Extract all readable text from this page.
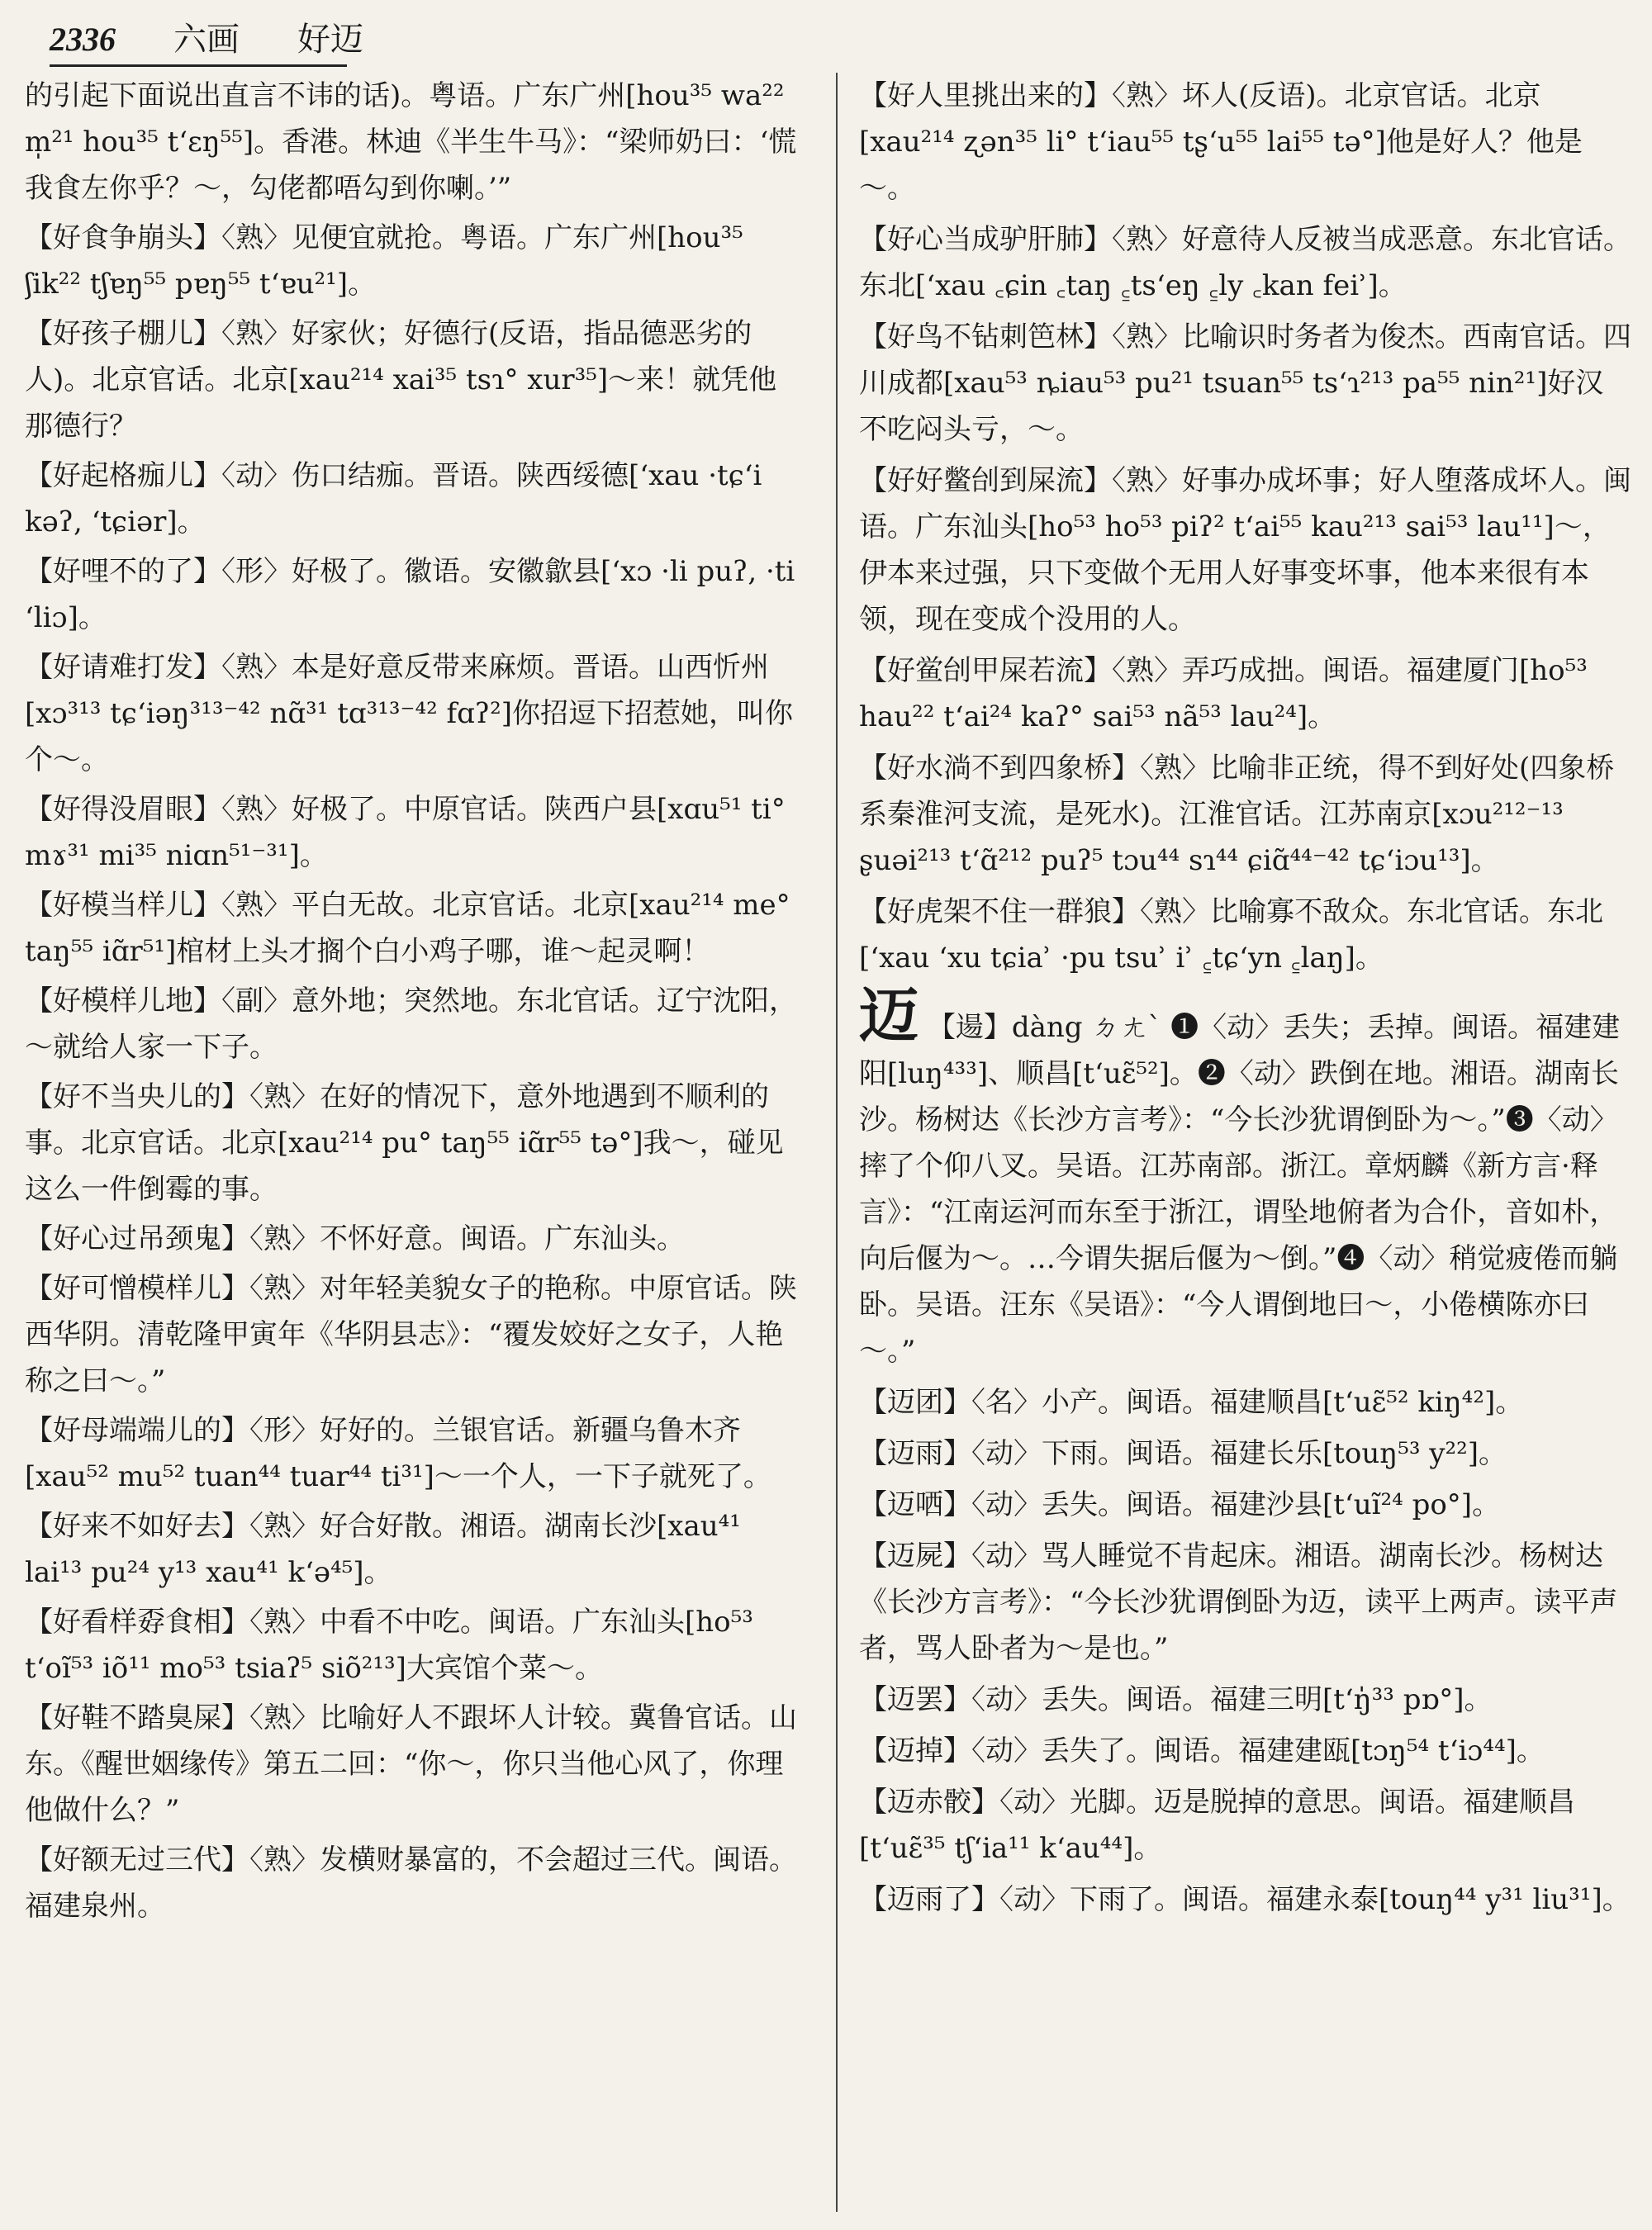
2336 六画 好迈

的引起下面说出直言不讳的话)。粤语。广东广州[hou³⁵ wa²² m̩²¹ hou³⁵ tʻɛŋ⁵⁵]。香港。林迪《半生牛马》：“梁师奶曰：‘慌我食左你乎？～，勾佬都唔勾到你喇。’”

【好食争崩头】〈熟〉见便宜就抢。粤语。广东广州[hou³⁵ ʃik²² tʃɐŋ⁵⁵ pɐŋ⁵⁵ tʻɐu²¹]。

【好孩子棚儿】〈熟〉好家伙；好德行(反语，指品德恶劣的人)。北京官话。北京[xau²¹⁴ xai³⁵ tsɿ° xur³⁵]～来！就凭他那德行？

【好起格痂儿】〈动〉伤口结痂。晋语。陕西绥德[ʻxau ·tɕʻi kəʔ, ʻtɕiər]。

【好哩不的了】〈形〉好极了。徽语。安徽歙县[ʻxɔ ·li puʔ, ·ti ʻliɔ]。

【好请难打发】〈熟〉本是好意反带来麻烦。晋语。山西忻州[xɔ³¹³ tɕʻiəŋ³¹³⁻⁴² nɑ̃³¹ tɑ³¹³⁻⁴² fɑʔ²]你招逗下招惹她，叫你个～。

【好得没眉眼】〈熟〉好极了。中原官话。陕西户县[xɑu⁵¹ ti° mɤ³¹ mi³⁵ niɑn⁵¹⁻³¹]。

【好模当样儿】〈熟〉平白无故。北京官话。北京[xau²¹⁴ me° taŋ⁵⁵ iɑ̃r⁵¹]棺材上头才搁个白小鸡子哪，谁～起灵啊！

【好模样儿地】〈副〉意外地；突然地。东北官话。辽宁沈阳，～就给人家一下子。

【好不当央儿的】〈熟〉在好的情况下，意外地遇到不顺利的事。北京官话。北京[xau²¹⁴ pu° taŋ⁵⁵ iɑ̃r⁵⁵ tə°]我～，碰见这么一件倒霉的事。

【好心过吊颈鬼】〈熟〉不怀好意。闽语。广东汕头。

【好可憎模样儿】〈熟〉对年轻美貌女子的艳称。中原官话。陕西华阴。清乾隆甲寅年《华阴县志》：“覆发姣好之女子，人艳称之曰～。”

【好母端端儿的】〈形〉好好的。兰银官话。新疆乌鲁木齐[xau⁵² mu⁵² tuan⁴⁴ tuar⁴⁴ ti³¹]～一个人，一下子就死了。

【好来不如好去】〈熟〉好合好散。湘语。湖南长沙[xau⁴¹ lai¹³ pu²⁴ y¹³ xau⁴¹ kʻə⁴⁵]。

【好看样孬食相】〈熟〉中看不中吃。闽语。广东汕头[ho⁵³ tʻoĩ⁵³ iõ¹¹ mo⁵³ tsiaʔ⁵ siõ²¹³]大宾馆个菜～。

【好鞋不踏臭屎】〈熟〉比喻好人不跟坏人计较。冀鲁官话。山东。《醒世姻缘传》第五二回：“你～，你只当他心风了，你理他做什么？”

【好额无过三代】〈熟〉发横财暴富的，不会超过三代。闽语。福建泉州。

【好人里挑出来的】〈熟〉坏人(反语)。北京官话。北京[xau²¹⁴ ʐən³⁵ li° tʻiau⁵⁵ tʂʻu⁵⁵ lai⁵⁵ tə°]他是好人？他是～。

【好心当成驴肝肺】〈熟〉好意待人反被当成恶意。东北官话。东北[ʻxau ꜀ɕin ꜀taŋ ꜁tsʻeŋ ꜁ly ꜀kan feiʾ]。

【好鸟不钻刺笆林】〈熟〉比喻识时务者为俊杰。西南官话。四川成都[xau⁵³ ȵiau⁵³ pu²¹ tsuan⁵⁵ tsʻɿ²¹³ pa⁵⁵ nin²¹]好汉不吃闷头亏，～。

【好好鳖刣到屎流】〈熟〉好事办成坏事；好人堕落成坏人。闽语。广东汕头[ho⁵³ ho⁵³ piʔ² tʻai⁵⁵ kau²¹³ sai⁵³ lau¹¹]～，伊本来过强，只下变做个无用人好事变坏事，他本来很有本领，现在变成个没用的人。

【好鲎刣甲屎若流】〈熟〉弄巧成拙。闽语。福建厦门[ho⁵³ hau²² tʻai²⁴ kaʔ° sai⁵³ nã⁵³ lau²⁴]。

【好水淌不到四象桥】〈熟〉比喻非正统，得不到好处(四象桥系秦淮河支流，是死水)。江淮官话。江苏南京[xɔu²¹²⁻¹³ ʂuəi²¹³ tʻɑ̃²¹² puʔ⁵ tɔu⁴⁴ sɿ⁴⁴ ɕiɑ̃⁴⁴⁻⁴² tɕʻiɔu¹³]。

【好虎架不住一群狼】〈熟〉比喻寡不敌众。东北官话。东北[ʻxau ʻxu tɕiaʾ ·pu tsuʾ iʾ ꜁tɕʻyn ꜁laŋ]。

迈 【逿】dàng ㄉㄤˋ ❶〈动〉丢失；丢掉。闽语。福建建阳[luŋ⁴³³]、顺昌[tʻuɛ̃⁵²]。❷〈动〉跌倒在地。湘语。湖南长沙。杨树达《长沙方言考》：“今长沙犹谓倒卧为～。”❸〈动〉摔了个仰八叉。吴语。江苏南部。浙江。章炳麟《新方言·释言》：“江南运河而东至于浙江，谓坠地俯者为合仆，音如朴，向后偃为～。…今谓失据后偃为～倒。”❹〈动〉稍觉疲倦而躺卧。吴语。汪东《吴语》：“今人谓倒地曰～，小倦横陈亦曰～。”

【迈团】〈名〉小产。闽语。福建顺昌[tʻuɛ̃⁵² kiŋ⁴²]。

【迈雨】〈动〉下雨。闽语。福建长乐[touŋ⁵³ y²²]。

【迈哂】〈动〉丢失。闽语。福建沙县[tʻuĩ²⁴ po°]。

【迈屍】〈动〉骂人睡觉不肯起床。湘语。湖南长沙。杨树达《长沙方言考》：“今长沙犹谓倒卧为迈，读平上两声。读平声者，骂人卧者为～是也。”

【迈罢】〈动〉丢失。闽语。福建三明[tʻŋ̍³³ pɒ°]。

【迈掉】〈动〉丢失了。闽语。福建建瓯[tɔŋ⁵⁴ tʻiɔ⁴⁴]。

【迈赤骹】〈动〉光脚。迈是脱掉的意思。闽语。福建顺昌[tʻuɛ̃³⁵ tʃʻia¹¹ kʻau⁴⁴]。

【迈雨了】〈动〉下雨了。闽语。福建永泰[touŋ⁴⁴ y³¹ liu³¹]。
